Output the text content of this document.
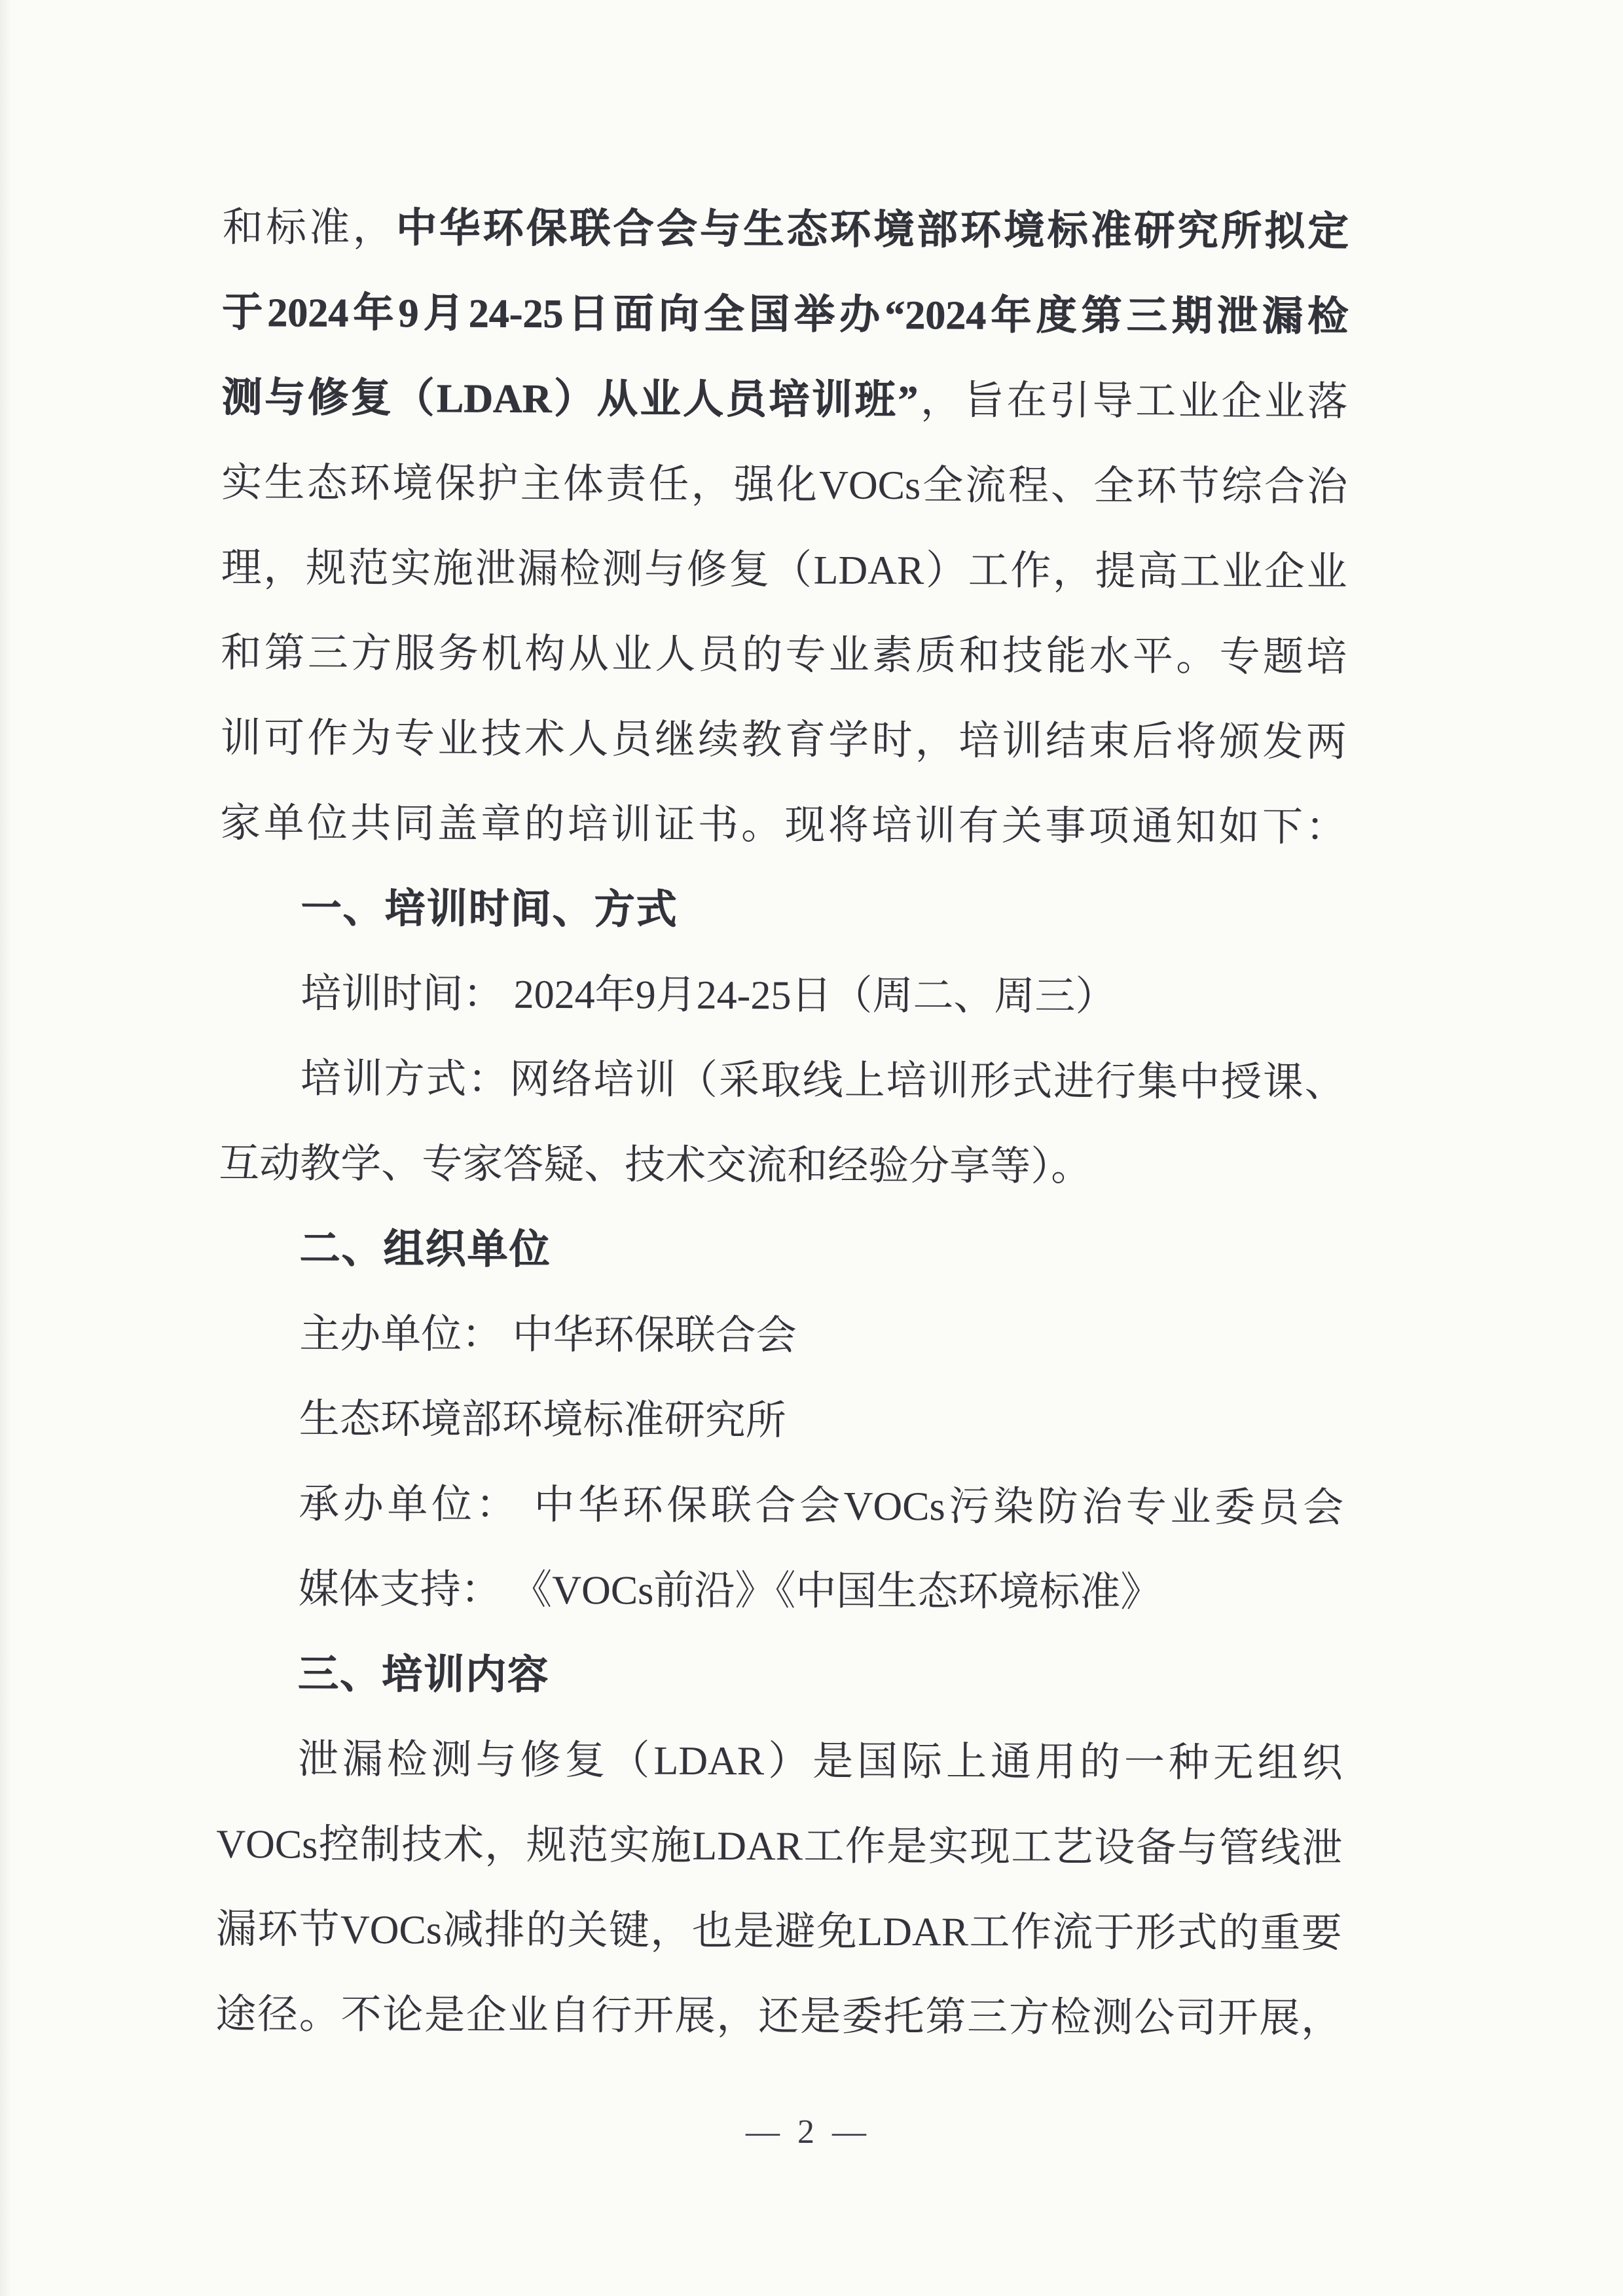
和标准，中华环保联合会与生态环境部环境标准研究所拟定
于2024年9月24-25日面向全国举办“2024年度第三期泄漏检
测与修复（LDAR）从业人员培训班”，旨在引导工业企业落
实生态环境保护主体责任，强化VOCs全流程、全环节综合治
理，规范实施泄漏检测与修复（LDAR）工作，提高工业企业
和第三方服务机构从业人员的专业素质和技能水平。专题培
训可作为专业技术人员继续教育学时，培训结束后将颁发两
家单位共同盖章的培训证书。现将培训有关事项通知如下：
一、培训时间、方式
培训时间： 2024年9月24-25日（周二、周三）
培训方式：网络培训（采取线上培训形式进行集中授课、
互动教学、专家答疑、技术交流和经验分享等）。
二、组织单位
主办单位： 中华环保联合会
生态环境部环境标准研究所
承办单位： 中华环保联合会VOCs污染防治专业委员会
媒体支持： 《VOCs前沿》《中国生态环境标准》
三、培训内容
泄漏检测与修复（LDAR）是国际上通用的一种无组织
VOCs控制技术，规范实施LDAR工作是实现工艺设备与管线泄
漏环节VOCs减排的关键，也是避免LDAR工作流于形式的重要
途径。不论是企业自行开展，还是委托第三方检测公司开展，
— 2 —
